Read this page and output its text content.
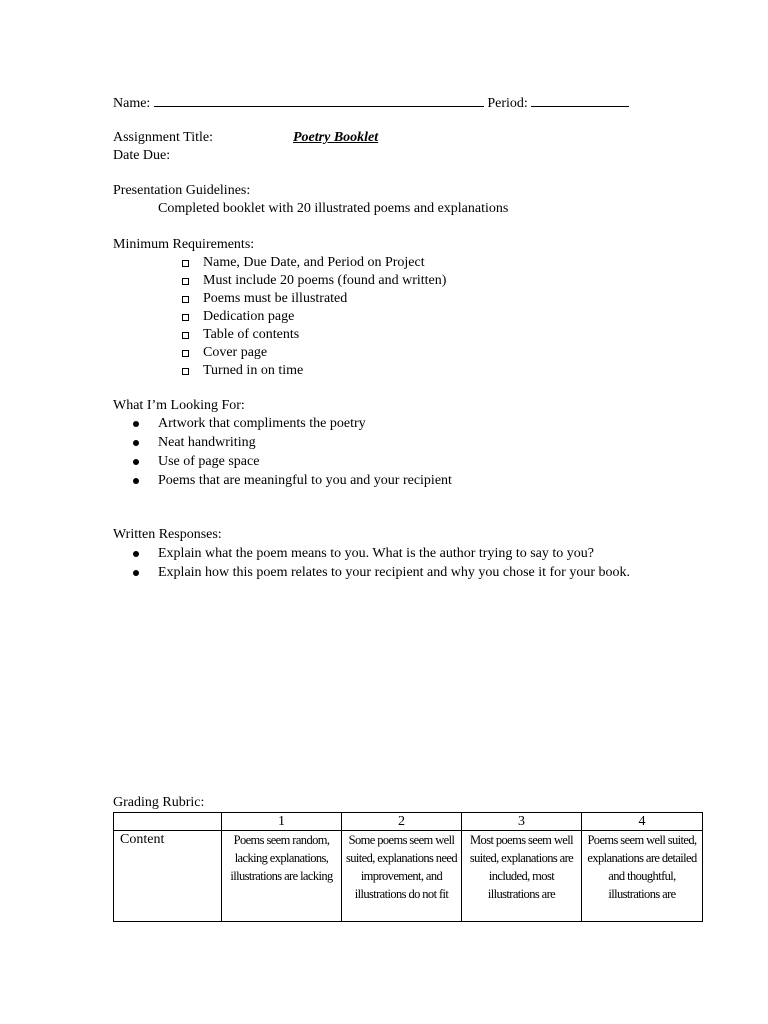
Name:	Period:
Assignment Title:	Poetry Booklet
Date Due:
Presentation Guidelines:
Completed booklet with 20 illustrated poems and explanations
Minimum Requirements:
Name, Due Date, and Period on Project
Must include 20 poems (found and written)
Poems must be illustrated
Dedication page
Table of contents
Cover page
Turned in on time
What I’m Looking For:
Artwork that compliments the poetry
Neat handwriting
Use of page space
Poems that are meaningful to you and your recipient
Written Responses:
Explain what the poem means to you. What is the author trying to say to you?
Explain how this poem relates to your recipient and why you chose it for your book.
Grading Rubric:
	1	2	3	4
Content	Poems seem random, lacking explanations, illustrations are lacking	Some poems seem well suited, explanations need improvement, and illustrations do not fit	Most poems seem well suited, explanations are included, most illustrations are	Poems seem well suited, explanations are detailed and thoughtful, illustrations are
